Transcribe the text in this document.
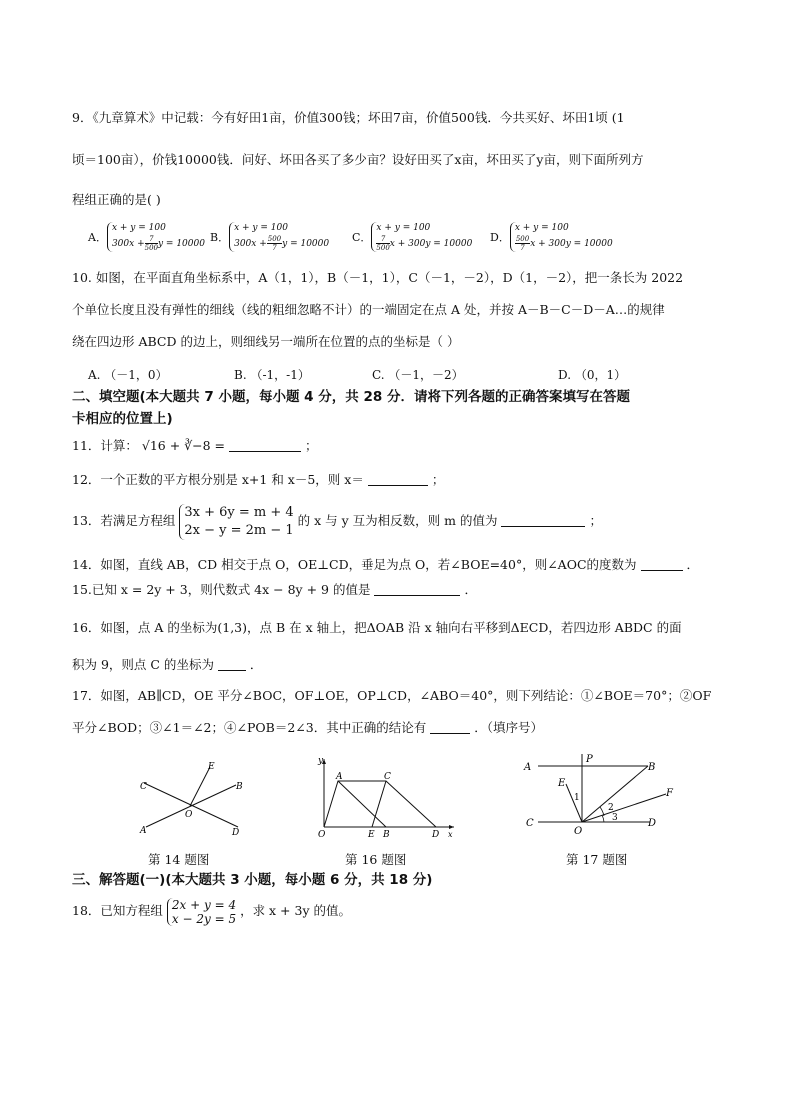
9．《九章算术》中记载：今有好田1亩，价值300钱；坏田7亩，价值500钱．今共买好、坏田1顷 (1
顷＝100亩），价钱10000钱．问好、坏田各买了多少亩？设好田买了x亩，坏田买了y亩，则下面所列方
程组正确的是( )
A．
x + y = 100
$300x + \frac{7}{500}$ y = 10000 B．
x + y = 100
$300x + \frac{500}{7}$ y = 10000 C．
x + y = 100
$\frac{7}{500}$ x + 300y = 10000 D．
x + y = 100
$\frac{500}{7}$ x + 300y = 10000
10. 如图，在平面直角坐标系中，A（1，1），B（－1，1），C（－1，－2），D（1，－2），把一条长为 2022
个单位长度且没有弹性的细线（线的粗细忽略不计）的一端固定在点 A 处，并按 A－B－C－D－A…的规律
绕在四边形 ABCD 的边上，则细线另一端所在位置的点的坐标是（ ）
A. （－1，0）	B. （-1，-1）	C. （－1，－2）	D. （0，1）
二、填空题(本大题共 7 小题，每小题 4 分，共 28 分．请将下列各题的正确答案填写在答题
卡相应的位置上)
11．计算： √16 + ∛−8 =	；
12．一个正数的平方根分别是 x+1 和 x－5，则 x＝	；
13．若满足方程组
3x + 6y = m + 4
2x − y = 2m − 1
的 x 与 y 互为相反数，则 m 的值为	；
14．如图，直线 AB，CD 相交于点 O，OE⊥CD，垂足为点 O，若∠BOE=40°，则∠AOC的度数为	．
15.已知 x = 2y + 3，则代数式 4x − 8y + 9 的值是	．
16．如图，点 A 的坐标为(1,3)，点 B 在 x 轴上，把ΔOAB 沿 x 轴向右平移到ΔECD，若四边形 ABDC 的面
积为 9，则点 C 的坐标为	．
17．如图，AB∥CD，OE 平分∠BOC，OF⊥OE，OP⊥CD，∠ABO＝40°，则下列结论：①∠BOE＝70°；②OF
平分∠BOD；③∠1＝∠2；④∠POB＝2∠3．其中正确的结论有	．（填序号）
C
E
B
A
O
D
第 14 题图
y
A	C
O	E B	D x
第 16 题图
A
P
B
E
1
2
F
3
C
O
D
第 17 题图
三、解答题(一)(本大题共 3 小题，每小题 6 分，共 18 分)
18．已知方程组 2x + y = 4
x − 2y = 5
，求 x + 3y 的值。
